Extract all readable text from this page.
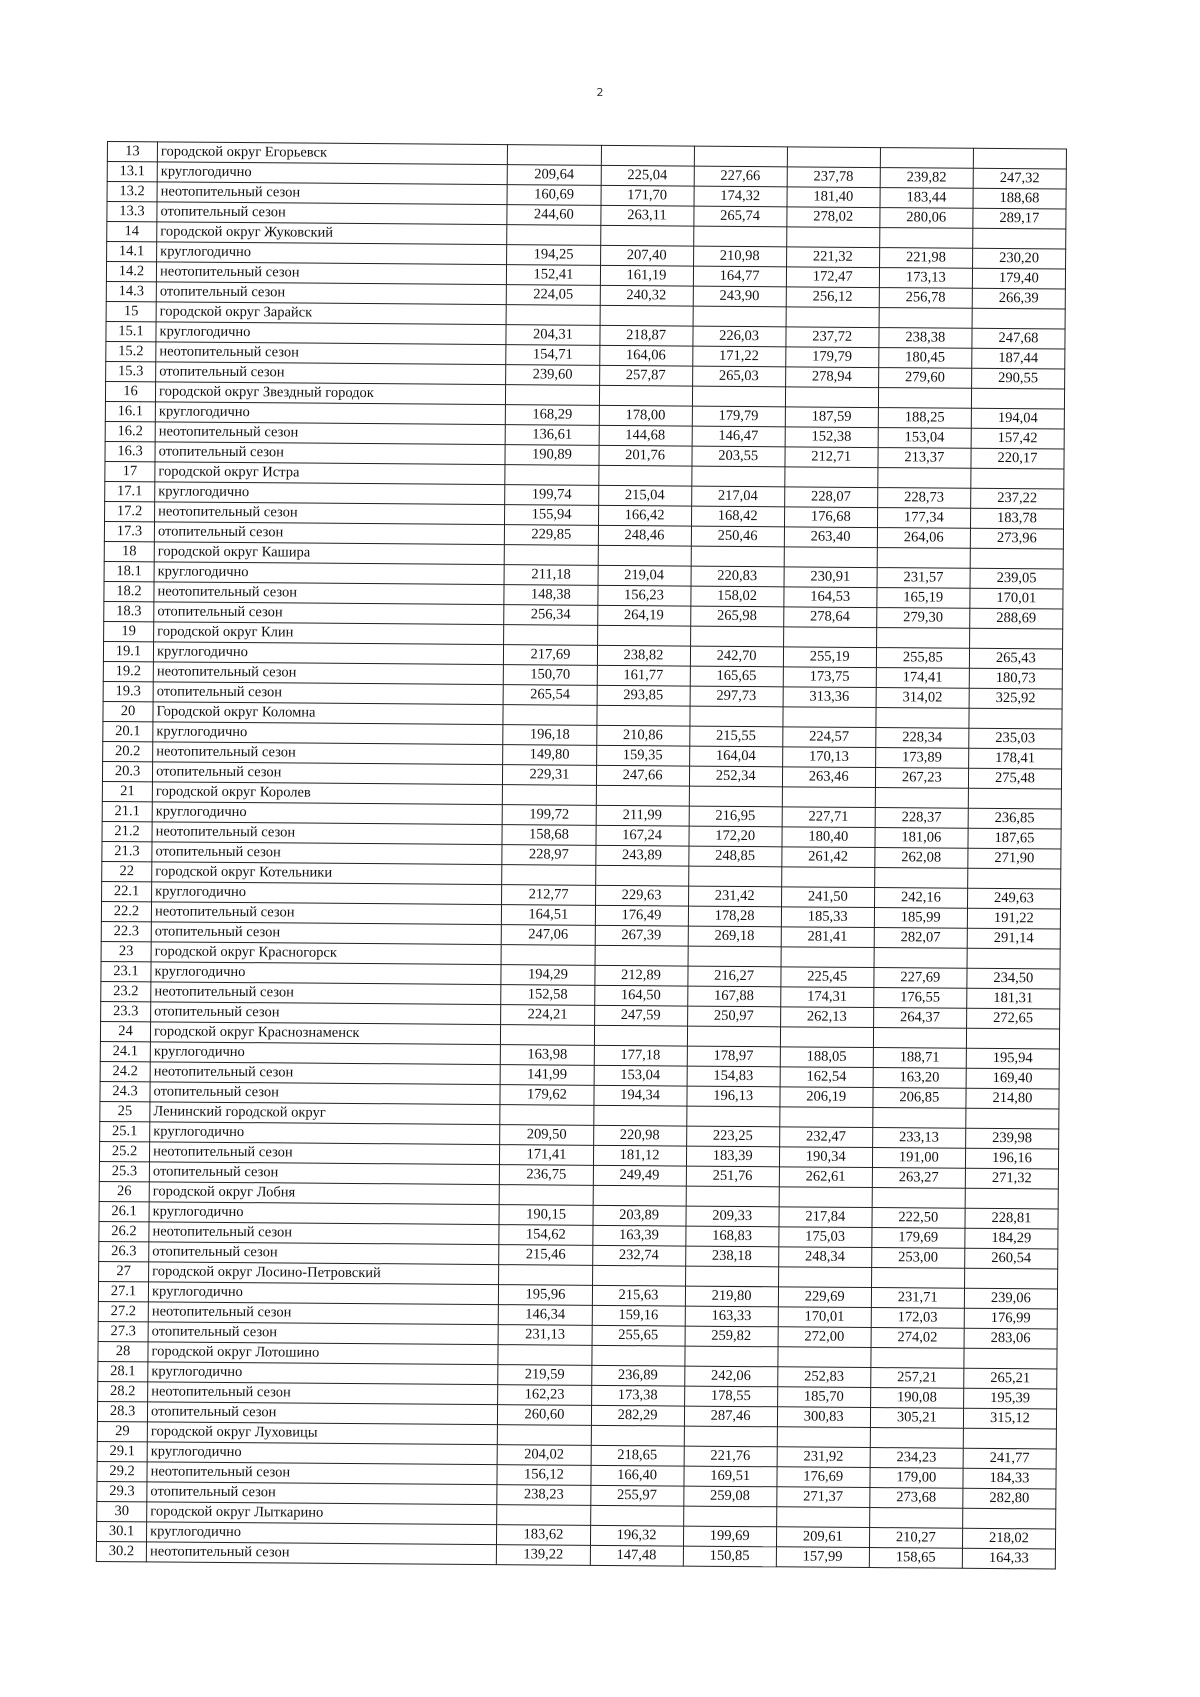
2
13	городской округ Егорьевск						
13.1	круглогодично	209,64	225,04	227,66	237,78	239,82	247,32
13.2	неотопительный сезон	160,69	171,70	174,32	181,40	183,44	188,68
13.3	отопительный сезон	244,60	263,11	265,74	278,02	280,06	289,17
14	городской округ Жуковский						
14.1	круглогодично	194,25	207,40	210,98	221,32	221,98	230,20
14.2	неотопительный сезон	152,41	161,19	164,77	172,47	173,13	179,40
14.3	отопительный сезон	224,05	240,32	243,90	256,12	256,78	266,39
15	городской округ Зарайск						
15.1	круглогодично	204,31	218,87	226,03	237,72	238,38	247,68
15.2	неотопительный сезон	154,71	164,06	171,22	179,79	180,45	187,44
15.3	отопительный сезон	239,60	257,87	265,03	278,94	279,60	290,55
16	городской округ Звездный городок						
16.1	круглогодично	168,29	178,00	179,79	187,59	188,25	194,04
16.2	неотопительный сезон	136,61	144,68	146,47	152,38	153,04	157,42
16.3	отопительный сезон	190,89	201,76	203,55	212,71	213,37	220,17
17	городской округ Истра						
17.1	круглогодично	199,74	215,04	217,04	228,07	228,73	237,22
17.2	неотопительный сезон	155,94	166,42	168,42	176,68	177,34	183,78
17.3	отопительный сезон	229,85	248,46	250,46	263,40	264,06	273,96
18	городской округ Кашира						
18.1	круглогодично	211,18	219,04	220,83	230,91	231,57	239,05
18.2	неотопительный сезон	148,38	156,23	158,02	164,53	165,19	170,01
18.3	отопительный сезон	256,34	264,19	265,98	278,64	279,30	288,69
19	городской округ Клин						
19.1	круглогодично	217,69	238,82	242,70	255,19	255,85	265,43
19.2	неотопительный сезон	150,70	161,77	165,65	173,75	174,41	180,73
19.3	отопительный сезон	265,54	293,85	297,73	313,36	314,02	325,92
20	Городской округ Коломна						
20.1	круглогодично	196,18	210,86	215,55	224,57	228,34	235,03
20.2	неотопительный сезон	149,80	159,35	164,04	170,13	173,89	178,41
20.3	отопительный сезон	229,31	247,66	252,34	263,46	267,23	275,48
21	городской округ Королев						
21.1	круглогодично	199,72	211,99	216,95	227,71	228,37	236,85
21.2	неотопительный сезон	158,68	167,24	172,20	180,40	181,06	187,65
21.3	отопительный сезон	228,97	243,89	248,85	261,42	262,08	271,90
22	городской округ Котельники						
22.1	круглогодично	212,77	229,63	231,42	241,50	242,16	249,63
22.2	неотопительный сезон	164,51	176,49	178,28	185,33	185,99	191,22
22.3	отопительный сезон	247,06	267,39	269,18	281,41	282,07	291,14
23	городской округ Красногорск						
23.1	круглогодично	194,29	212,89	216,27	225,45	227,69	234,50
23.2	неотопительный сезон	152,58	164,50	167,88	174,31	176,55	181,31
23.3	отопительный сезон	224,21	247,59	250,97	262,13	264,37	272,65
24	городской округ Краснознаменск						
24.1	круглогодично	163,98	177,18	178,97	188,05	188,71	195,94
24.2	неотопительный сезон	141,99	153,04	154,83	162,54	163,20	169,40
24.3	отопительный сезон	179,62	194,34	196,13	206,19	206,85	214,80
25	Ленинский городской округ						
25.1	круглогодично	209,50	220,98	223,25	232,47	233,13	239,98
25.2	неотопительный сезон	171,41	181,12	183,39	190,34	191,00	196,16
25.3	отопительный сезон	236,75	249,49	251,76	262,61	263,27	271,32
26	городской округ Лобня						
26.1	круглогодично	190,15	203,89	209,33	217,84	222,50	228,81
26.2	неотопительный сезон	154,62	163,39	168,83	175,03	179,69	184,29
26.3	отопительный сезон	215,46	232,74	238,18	248,34	253,00	260,54
27	городской округ Лосино-Петровский						
27.1	круглогодично	195,96	215,63	219,80	229,69	231,71	239,06
27.2	неотопительный сезон	146,34	159,16	163,33	170,01	172,03	176,99
27.3	отопительный сезон	231,13	255,65	259,82	272,00	274,02	283,06
28	городской округ Лотошино						
28.1	круглогодично	219,59	236,89	242,06	252,83	257,21	265,21
28.2	неотопительный сезон	162,23	173,38	178,55	185,70	190,08	195,39
28.3	отопительный сезон	260,60	282,29	287,46	300,83	305,21	315,12
29	городской округ Луховицы						
29.1	круглогодично	204,02	218,65	221,76	231,92	234,23	241,77
29.2	неотопительный сезон	156,12	166,40	169,51	176,69	179,00	184,33
29.3	отопительный сезон	238,23	255,97	259,08	271,37	273,68	282,80
30	городской округ Лыткарино						
30.1	круглогодично	183,62	196,32	199,69	209,61	210,27	218,02
30.2	неотопительный сезон	139,22	147,48	150,85	157,99	158,65	164,33
